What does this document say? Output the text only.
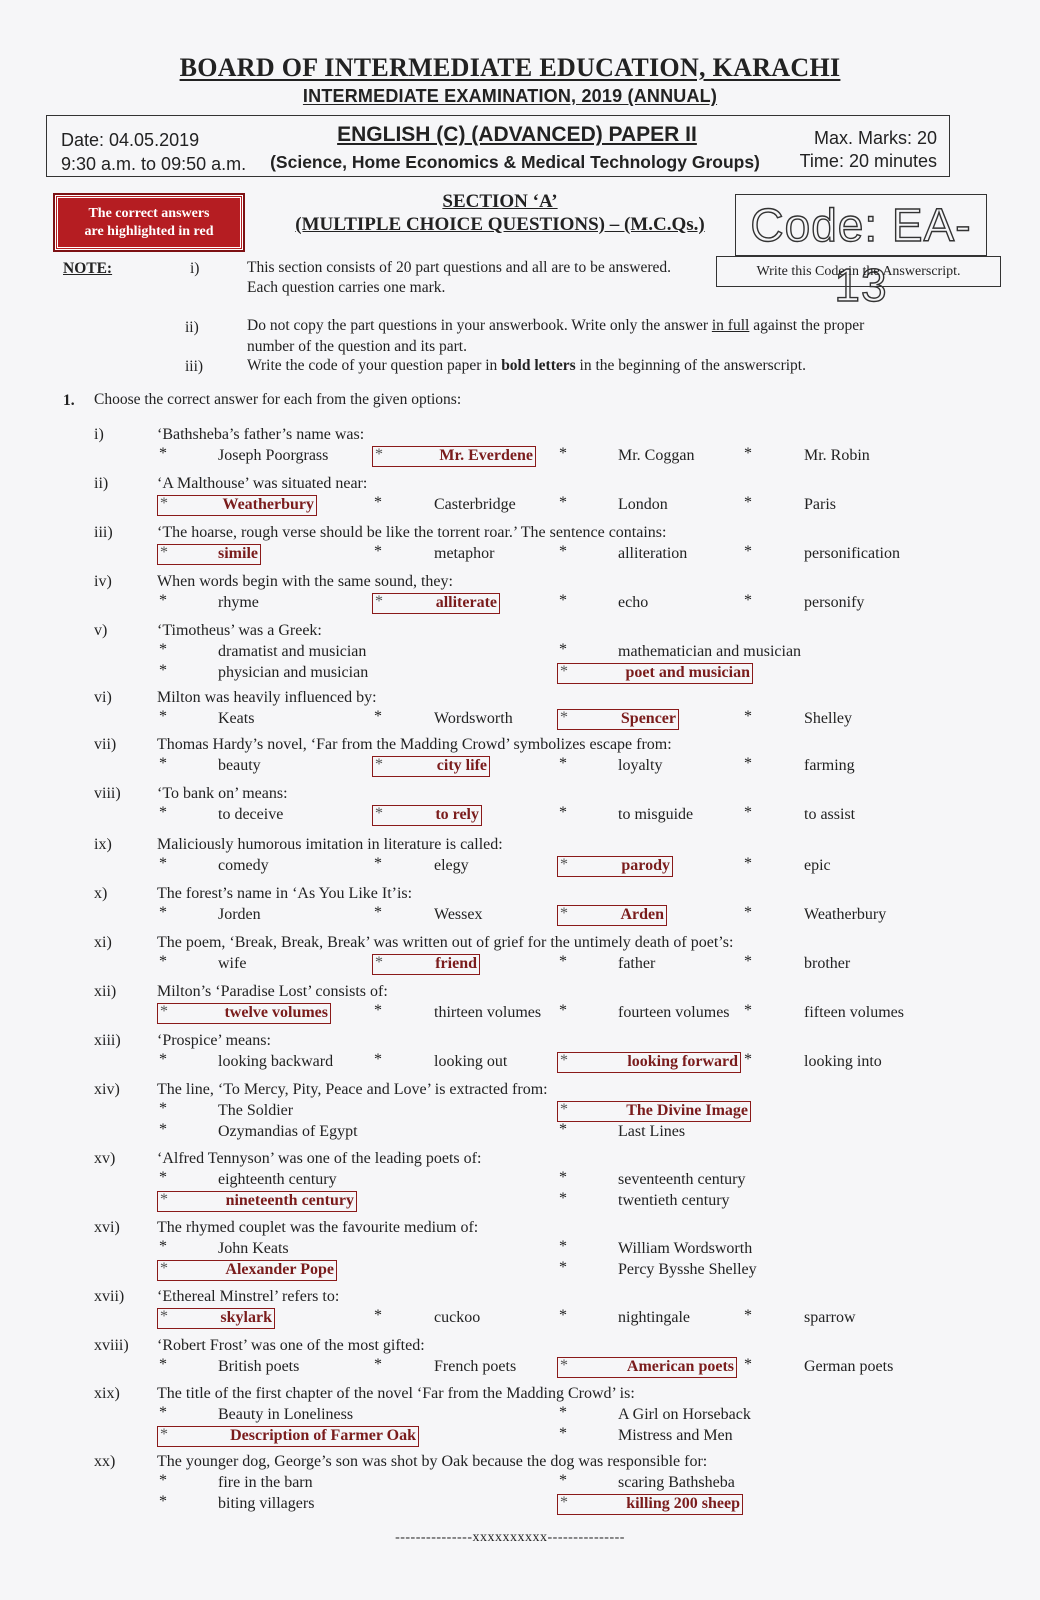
BOARD OF INTERMEDIATE EDUCATION, KARACHI
INTERMEDIATE EXAMINATION, 2019 (ANNUAL)
Date: 04.05.2019
9:30 a.m. to 09:50 a.m.
ENGLISH (C) (ADVANCED) PAPER II
(Science, Home Economics & Medical Technology Groups)
Max. Marks: 20
Time: 20 minutes
The correct answers
are highlighted in red
SECTION ‘A’
(MULTIPLE CHOICE QUESTIONS) – (M.C.Qs.) Code: EA-13
Write this Code in the Answerscript.
NOTE:	i)	This section consists of 20 part questions and all are to be answered.
Each question carries one mark.
ii)	Do not copy the part questions in your answerbook. Write only the answer in full against the proper
number of the question and its part.
iii)	Write the code of your question paper in bold letters in the beginning of the answerscript.
1. Choose the correct answer for each from the given options:
i)	‘Bathsheba’s father’s name was:
*	Joseph Poorgrass	*	Mr. Everdene *	Mr. Coggan	*	Mr. Robin
ii)	‘A Malthouse’ was situated near:
*	Weatherbury	*	Casterbridge	*	London	*	Paris
iii)	‘The hoarse, rough verse should be like the torrent roar.’ The sentence contains:
*	simile	*	metaphor	*	alliteration	*	personification
iv)	When words begin with the same sound, they:
*	rhyme	*	alliterate	*	echo	*	personify
v)	‘Timotheus’ was a Greek:
*	dramatist and musician	*	mathematician and musician
*	physician and musician	*	poet and musician
vi)	Milton was heavily influenced by:
*	Keats	*	Wordsworth	*	Spencer	*	Shelley
vii)	Thomas Hardy’s novel, ‘Far from the Madding Crowd’ symbolizes escape from:
*	beauty	*	city life	*	loyalty	*	farming
viii) ‘To bank on’ means:
*	to deceive	*	to rely	*	to misguide	*	to assist
ix)	Maliciously humorous imitation in literature is called:
*	comedy	*	elegy	*	parody	*	epic
x)	The forest’s name in ‘As You Like It’is:
*	Jorden	*	Wessex	*	Arden	*	Weatherbury
xi)	The poem, ‘Break, Break, Break’ was written out of grief for the untimely death of poet’s:
*	wife	*	friend	*	father	*	brother
xii)	Milton’s ‘Paradise Lost’ consists of:
*	twelve volumes	*	thirteen volumes *	fourteen volumes *	fifteen volumes
xiii) ‘Prospice’ means:
*	looking backward	*	looking out	*	looking forward *	looking into
xiv) The line, ‘To Mercy, Pity, Peace and Love’ is extracted from:
*	The Soldier	*	The Divine Image
*	Ozymandias of Egypt	*	Last Lines
xv)	‘Alfred Tennyson’ was one of the leading poets of:
*	eighteenth century	*	seventeenth century
*	nineteenth century	*	twentieth century
xvi) The rhymed couplet was the favourite medium of:
*	John Keats	*	William Wordsworth
*	Alexander Pope	*	Percy Bysshe Shelley
xvii) ‘Ethereal Minstrel’ refers to:
*	skylark	*	cuckoo	*	nightingale	*	sparrow
xviii) ‘Robert Frost’ was one of the most gifted:
*	British poets	*	French poets	*	American poets *	German poets
xix) The title of the first chapter of the novel ‘Far from the Madding Crowd’ is:
*	Beauty in Loneliness	*	A Girl on Horseback
*	Description of Farmer Oak	*	Mistress and Men
xx)	The younger dog, George’s son was shot by Oak because the dog was responsible for:
*	fire in the barn	*	scaring Bathsheba
*	biting villagers	*	killing 200 sheep
---------------xxxxxxxxxx---------------
